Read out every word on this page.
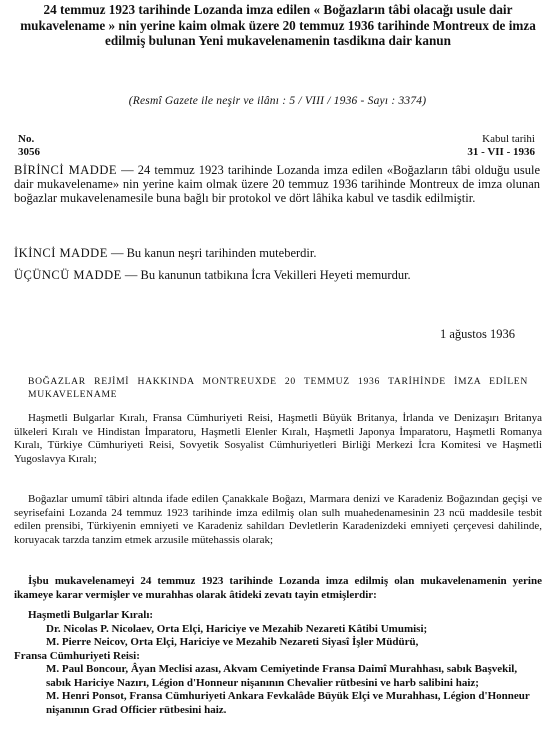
24 temmuz 1923 tarihinde Lozanda imza edilen « Boğazların tâbi olacağı usule dair mukavelename » nin yerine kaim olmak üzere 20 temmuz 1936 tarihinde Montreux de imza edilmiş bulunan Yeni mukavelenamenin tasdikına dair kanun
(Resmî Gazete ile neşir ve ilânı : 5 / VIII / 1936 - Sayı : 3374)
No.
3056
Kabul tarihi
31 - VII - 1936
BİRİNCİ MADDE — 24 temmuz 1923 tarihinde Lozanda imza edilen «Boğazların tâbi olduğu usule dair mukavelename» nin yerine kaim olmak üzere 20 temmuz 1936 tarihinde Montreux de imza olunan boğazlar mukavelenamesile buna bağlı bir protokol ve dört lâhika kabul ve tasdik edilmiştir.
İKİNCİ MADDE — Bu kanun neşri tarihinden muteberdir.
ÜÇÜNCÜ MADDE — Bu kanunun tatbikına İcra Vekilleri Heyeti memurdur.
1 ağustos 1936
BOĞAZLAR REJİMİ HAKKINDA MONTREUXDE 20 TEMMUZ 1936 TARİHİNDE İMZA EDİLEN MUKAVELENAME
Haşmetli Bulgarlar Kıralı, Fransa Cümhuriyeti Reisi, Haşmetli Büyük Britanya, İrlanda ve Denizaşırı Britanya ülkeleri Kıralı ve Hindistan İmparatoru, Haşmetli Elenler Kıralı, Haşmetli Japonya İmparatoru, Haşmetli Romanya Kıralı, Türkiye Cümhuriyeti Reisi, Sovyetik Sosyalist Cümhuriyetleri Birliği Merkezi İcra Komitesi ve Haşmetli Yugoslavya Kıralı;
Boğazlar umumî tâbiri altında ifade edilen Çanakkale Boğazı, Marmara denizi ve Karadeniz Boğazından geçişi ve seyrisefaini Lozanda 24 temmuz 1923 tarihinde imza edilmiş olan sulh muahedenamesinin 23 ncü maddesile tesbit edilen prensibi, Türkiyenin emniyeti ve Karadeniz sahildarı Devletlerin Karadenizdeki emniyeti çerçevesi dahilinde, koruyacak tarzda tanzim etmek arzusile mütehassis olarak;
İşbu mukavelenameyi 24 temmuz 1923 tarihinde Lozanda imza edilmiş olan mukavelenamenin yerine ikameye karar vermişler ve murahhas olarak âtideki zevatı tayin etmişlerdir:
Haşmetli Bulgarlar Kıralı:
Dr. Nicolas P. Nicolaev, Orta Elçi, Hariciye ve Mezahib Nezareti Kâtibi Umumisi;
M. Pierre Neicov, Orta Elçi, Hariciye ve Mezahib Nezareti Siyasî İşler Müdürü,
Fransa Cümhuriyeti Reisi:
M. Paul Boncour, Âyan Meclisi azası, Akvam Cemiyetinde Fransa Daimî Murahhası, sabık Başvekil, sabık Hariciye Nazırı, Légion d'Honneur nişanının Chevalier rütbesini ve harb salibini haiz;
M. Henri Ponsot, Fransa Cümhuriyeti Ankara Fevkalâde Büyük Elçi ve Murahhası, Légion d'Honneur nişanının Grad Officier rütbesini haiz.
